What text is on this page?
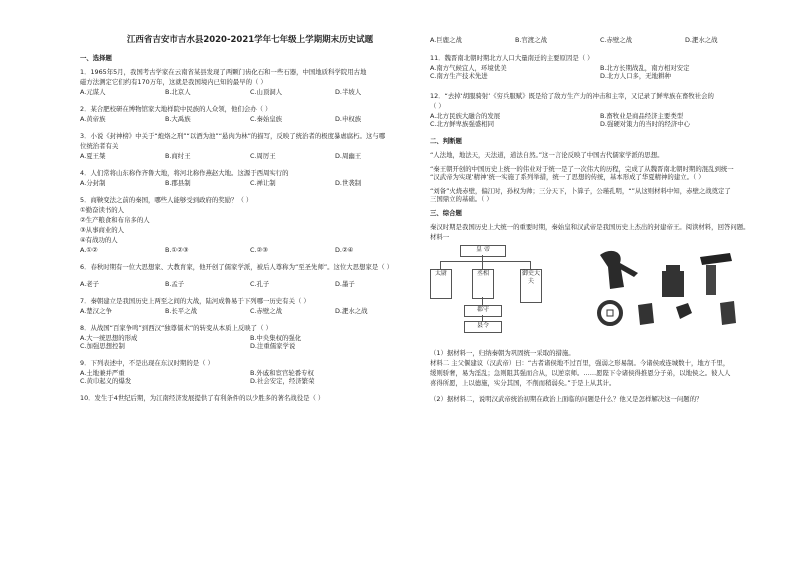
江西省吉安市吉水县2020-2021学年七年级上学期期末历史试题
一、选择题
1．1965年5月，我国考古学家在云南省某县发现了两颗门齿化石和一些石器，中国地质科学院用古地
磁方法测定它们约有170万年，这就是我国境内已知的最早的（ ）
A.元谋人	B.北京人	C.山顶洞人	D.半坡人
2．某合肥校研在博物馆家大地样院中民族的人众领，他们会办（ ）
A.黄帝族	B.大禹族	C.秦始皇族	D.申权族
3．小说《封神榜》中关于“炮烙之刑”“以酒为池”“悬肉为林”的描写，反映了统治者的极度暴虐腐朽。这与哪
位统治者有关
A.夏王桀	B.商纣王	C.周厉王	D.周幽王
4．人们常将山东称作齐鲁大地，将河北称作燕赵大地。这源于西周实行的
A.分封制	B.郡县制	C.禅让制	D.世袭制
5．商鞅变法之前的秦国，哪些人能够受到政府的奖励？（ ）
①勤奋读书的人
②生产粮食和布帛多的人
③从事商业的人
④有战功的人
A.①②	B.①②③	C.②③	D.②④
6．春秋时期有一位大思想家、大教育家，他开创了儒家学派，被后人尊称为“至圣先师”。这位大思想家是（ ）
A.老子	B.孟子	C.孔子	D.墨子
7．秦朝建立是我国历史上两至之间的大战，陆河成鲁易于下列哪一历史有关（ ）
A.楚汉之争	B.长平之战	C.赤壁之战	D.淝水之战
8．从战国“百家争鸣”到西汉“独尊儒术”的转变从本质上反映了（ ）
A.大一统思想的形成	B.中央集权的强化
C.加强思想控制	D.注重儒家学说
9．下列表述中，不是出现在东汉时期的是（ ）
A.土地兼并严重	B.外戚和宦官轮番专权
C.黄巾起义的爆发	D.社会安定，经济繁荣
10．发生于4世纪后期，为江南经济发展提供了有利条件的以少胜多的著名战役是（ ）
A.巨鹿之战	B.官渡之战	C.赤壁之战	D.淝水之战
11．魏晋南北朝时期北方人口大量南迁的主要原因是（ ）
A.南方气候宜人，环境优美	B.北方长期战乱，南方相对安定
C.南方生产技术先进	D.北方人口多，无地耕种
12．“去掉‘胡服骑射’《穷兵服赋》既是给了敌方生产力的冲击和主宰，又记录了鲜卑族在畜牧社会的
（ ）
A.北方民族大融合的发展	B.畜牧业是商品经济主要类型
C.北方鲜卑族强盛相同	D.强硬对策力的当时的经济中心
二、判断题
“人法地，地法天，天法道，道法自然。”这一言论反映了中国古代儒家学派的思想。
“秦王朝开创的中国历史上统一的伟业对于统一是了一次伟大的历程，完成了从魏晋南北朝时期的混乱到统一
“汉武帝为实现‘精神’统一实施了系列举措，统一了思想的传统，基本形成了华夏精神的建立。（ ）
“刘备”火烧赤壁，偏江时，孙权为帅；三分天下，卜算子，公瑾孔明，“”从这则材料中知，赤壁之战奠定了
三国鼎立的基础。（ ）
三、综合题
秦汉时期是我国历史上大统一的重要时期，秦始皇和汉武帝是我国历史上杰出的封建帝王。阅读材料，回答问题。
材料一
皇 帝
太尉	丞相	御史大夫
郡守
县令
（1）据材料一，归纳秦朝为巩固统一采取的措施。
材料二 主父偃建议（汉武帝）曰：“古者诸侯地不过百里，强弱之形易制。今诸侯或连城数十，地方千里，
缓则骄奢，易为淫乱；急则阻其强而合从，以逆京师。……愿陛下令诸侯得推恩分子弟，以地侯之。彼人人
喜得所愿，上以德施，实分其国，不削而稍弱矣。”于是上从其计。
（2）据材料二，说明汉武帝统治初期在政治上面临的问题是什么？他又是怎样解决这一问题的？
